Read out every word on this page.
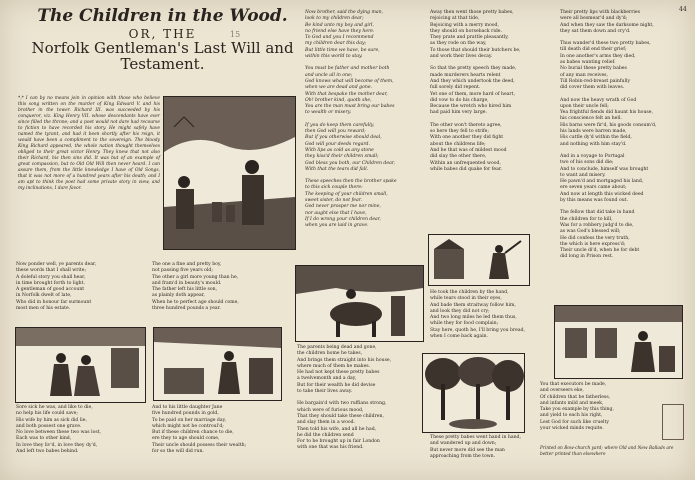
44
15
The Children in the Wood.
OR, THE
Norfolk Gentleman's Last Will and
Testament.
*,* I can by no means join in opinion with those who believe this song written on the murder of King Edward V. and his brother in the tower. Richard III. was succeeded by his conqueror, viz. King Henry VII. whose descendants have ever since filled the throne; and a poet would not dare had recourse to fiction to have recorded his story. He might safely have named the tyrant, and had it been shortly after his reign, it would have been a compliment to the sovereign. The bloody King Richard appeared, the whole nation thought themselves obliged to their great victor Henry. They knew that not also their Richard, his then sins did. It was but of an example of great compassion, but to Old Old Will then never heard. I can assure them, from the little knowledge I have of Old Songs, that it was not more of a hundred years after his death; and I am apt to think the poet had some private story in view, and my inclinations, I dare favor.

Now ponder well, ye parents dear,

these words that I shall write;

A doleful story you shall hear,

in time brought forth to light.

A gentleman of good account

in Norfolk dwelt of late,

Who did in honour far surmount

most men of his estate.

Sore sick he was, and like to die,

no help his life could save;

His wife by him as sick did lie,

and both possest one grave.

No love between these two was lost,

Each was to other kind,

In love they liv'd, in love they dy'd,

And left two babes behind.

The one a fine and pretty boy,

not passing five years old;

The other a girl more young than he,

and fram'd in beauty's mould.

The father left his little son,

as plainly doth appear,

When he to perfect age should come,

three hundred pounds a year.

And to his little daughter Jane

five hundred pounds in gold,

To be paid on her marriage day,

which might not be controul'd;

But if these children chance to die,

ere they to age should come,

Their uncle should possess their wealth;

for so the will did run.

Now brother, said the dying man,

look to my children dear;

Be kind unto my boy and girl,

no friend else have they here.

To God and you I recommend

my children dear this day;

But little time we have, be sure,

within this world to stay.

You must be father and mother both

and uncle all in one;

God knows what will become of them,

when we are dead and gone.

With that bespake the mother dear,

Oh! brother kind, quoth she,

You are the man must bring our babes

to wealth or misery.

If you do keep them carefully,

then God will you reward;

But if you otherwise should deal,

God will your deeds regard.

With lips as cold as any stone

they kiss'd their children small;

God bless you both, our Children dear,

With that the tears did fall.

These speeches then the brother spake

to this sick couple there:

The keeping of your children small,

sweet sister, do not fear.

God never prosper me nor mine,

nor aught else that I have,

If I do wrong your children dear,

when you are laid in grave.

The parents being dead and gone,

the children home he takes,

And brings them straight into his house,

where much of them he makes.

He had not kept these pretty babes

a twelvemonth and a day,

But for their wealth he did devise

to take their lives away.

He bargain'd with two ruffians strong,

which were of furious mood,

That they should take these children,

and slay them in a wood.

Then told his wife, and all he had,

he did the children send

For to be brought up in fair London

with one that was his friend.

Away then went those pretty babes,

rejoicing at that tide,

Rejoicing with a merry mood,

they should on horseback ride.

They prate and prattle pleasantly,

as they rode on the way,

To those that should their butchers be,

and work their lives decay.

So that the pretty speech they made,

made murderers hearts relent

And they which undertook the deed,

full sorely did repent.

Yet one of them, more hard of heart,

did vow to do his charge,

Because the wretch who hired him

had paid him very large.

The other won't thereto agree,

so here they fell to strife;

With one another they did fight

about the childrens life;

And he that was of mildest mood

did slay the other there,

Within an unfrequented wood,

while babes did quake for fear.

He took the children by the hand,

while tears stood in their eyes,

And bade them straitway follow him,

and look they did not cry;

And two long miles he led them thus,

while they for food complain;

Stay here, quoth he, I'll bring you bread,

when I come back again.

These pretty babes went hand in hand,

and wandered up and down;

But never more did see the man

approaching from the town.

Their pretty lips with blackberries

were all besmear'd and dy'd;

And when they saw the darksome night,

they sat them down and cry'd.

Thus wander'd these two pretty babes,

till death did end their grief;

In one another's arms they died,

as babes wanting relief.

No burial these pretty babes

of any man receives,

Till Robin-red-breast painfully

did cover them with leaves.

And now the heavy wrath of God

upon their uncle fell;

Yea frightful fiends did haunt his house,

his conscience felt an hell.

His barns were fir'd, his goods consum'd,

his lands were barren made,

His cattle dy'd within the field,

and nothing with him stay'd.

And in a voyage to Portugal

two of his sons did die;

And to conclude, himself was brought

to want and misery.

He pawn'd and mortgaged his land,

ere seven years came about;

And now at length this wicked deed

by this means was found out.

The fellow that did take in hand

the children for to kill,

Was for a robbery judg'd to die,

as was God's blessed will;

He did confess the very truth,

the which is here express'd;

Their uncle di'd, when he for debt

did long in Prison rest.

You that executors be made,

and overseers eke,

Of children that be fatherless,

and infants mild and meek,

Take you example by this thing,

and yield to each his right,

Lest God for such like cruelty

your wicked minds requite.

Printed on Bow-church yard; where Old and New Ballads are better printed than elsewhere
